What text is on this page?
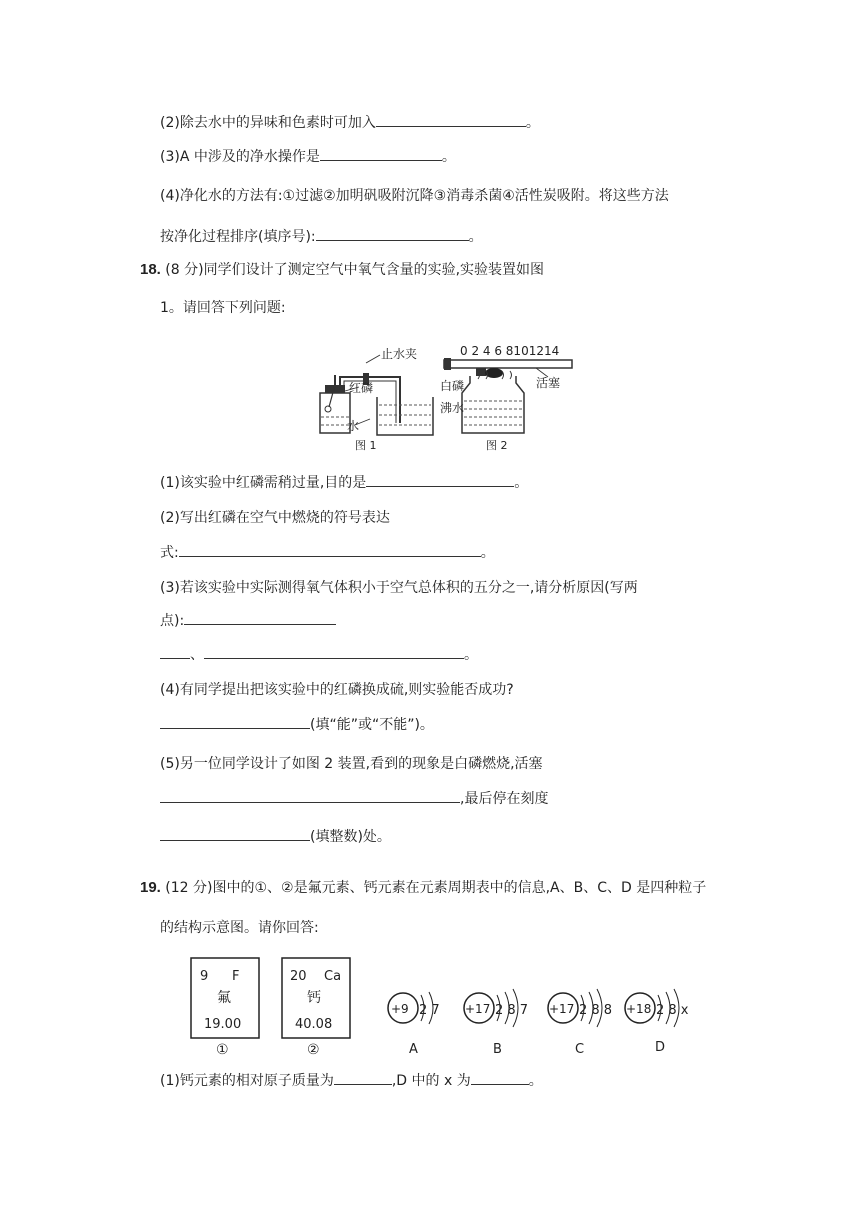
(2)除去水中的异味和色素时可加入	。
(3)A 中涉及的净水操作是	。
(4)净化水的方法有:①过滤②加明矾吸附沉降③消毒杀菌④活性炭吸附。将这些方法
按净化过程排序(填序号):	。
18. (8 分)同学们设计了测定空气中氧气含量的实验,实验装置如图
1。请回答下列问题:
止水夹
红磷
水
图 1
0 2 4 6 8101214
白磷
沸水
活塞
图 2
(1)该实验中红磷需稍过量,目的是	。
(2)写出红磷在空气中燃烧的符号表达
式:	。
(3)若该实验中实际测得氧气体积小于空气总体积的五分之一,请分析原因(写两
点):
、	。
(4)有同学提出把该实验中的红磷换成硫,则实验能否成功?
(填“能”或“不能”)。
(5)另一位同学设计了如图 2 装置,看到的现象是白磷燃烧,活塞
,最后停在刻度
(填整数)处。
19. (12 分)图中的①、②是氟元素、钙元素在元素周期表中的信息,A、B、C、D 是四种粒子
的结构示意图。请你回答:
9 F
氟
19.00
①
20 Ca
钙
40.08
②
+9 2 7
A
+17 2 8 7
B
+17 2 8 8
C
+18 2 8 x
D
(1)钙元素的相对原子质量为	,D 中的 x 为	。
